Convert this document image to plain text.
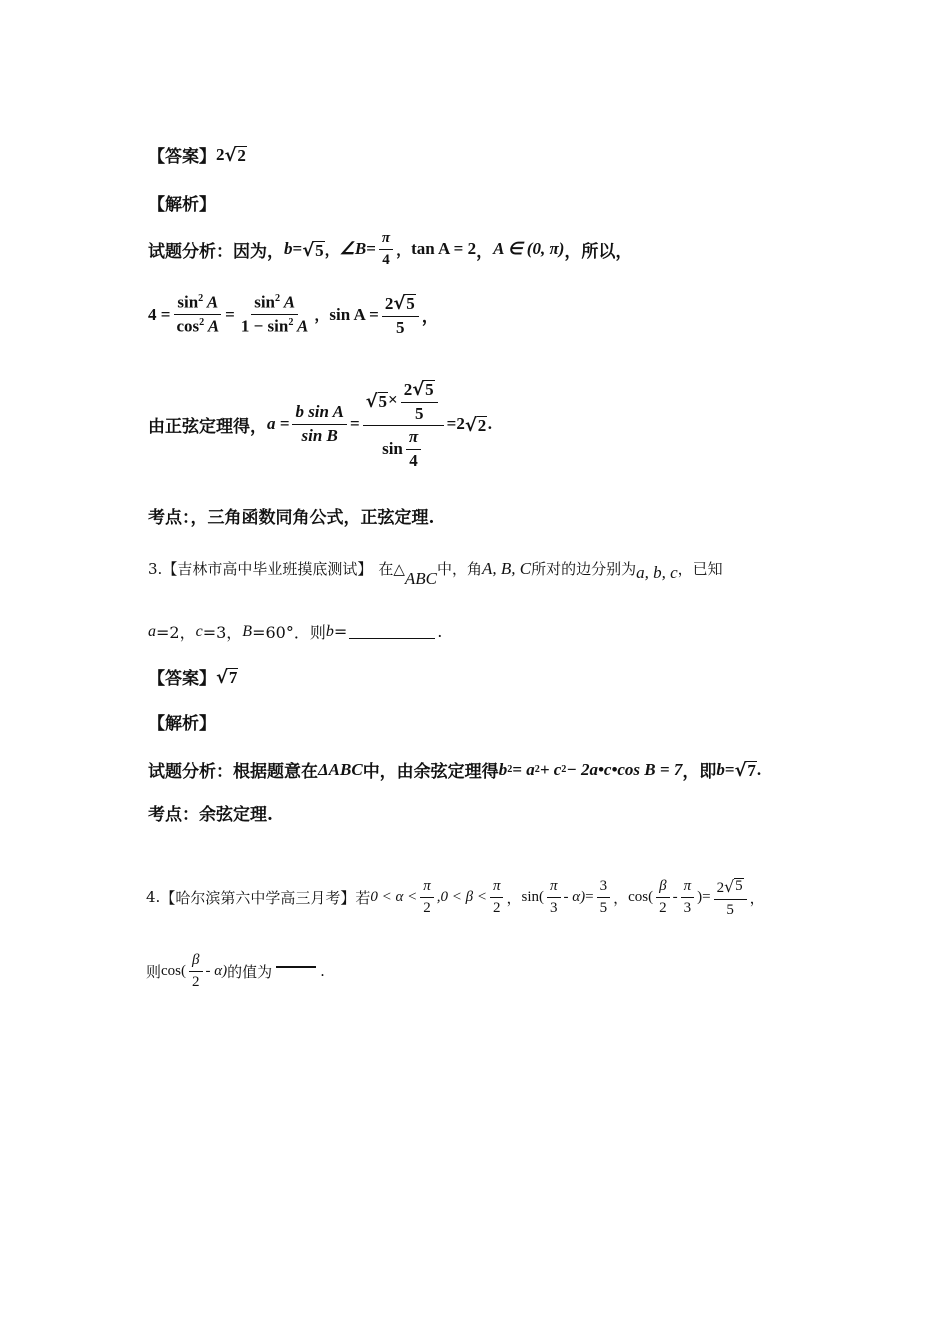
【答案】 2 √ 2
【解析】
试题分析：因为， b = √ 5 ， ∠B = $\frac{\pi}{4}$ ， tan A = 2 ， A ∈ (0, π) ，所以，
$4 = \frac{\sin^2 A}{\cos^2 A} = \frac{\sin^2 A}{1 - \sin^2 A}$ ， $\sin A = \frac{2 √ 5}{5}$ ，
由正弦定理得， $a = \frac{\text{b sin A}}{\text{sin B}} = \frac{√ 5 \times \frac{2 √ 5}{5}}{\sin \frac{\pi}{4}} = 2$ √ 2 .
考点：，三角函数同角公式，正弦定理.
3. 【吉林市高中毕业班摸底测试】 在△ ABC 中，角 A, B, C 所对的边分别为 a, b, c ，已知
a =2， c =3， B =60°．则 b =	.
【答案】 √ 7
【解析】
试题分析：根据题意在 ΔABC 中，由余弦定理得 b 2 = a 2 + c 2 − 2a•c•cos B = 7 ，即 b = √ 7 .
考点：余弦定理.
4. 【哈尔滨第六中学高三月考】 若 $0 < \alpha < \frac{\pi}{2} ,0 < \beta < \frac{\pi}{2}$ ， $\sin( \frac{\pi}{3} - \alpha) = \frac{3}{5}$ ， $\cos( \frac{\beta}{2} - \frac{\pi}{3}$ ) = $\frac{2 √ 5}{5}$ ，
则 $\cos( \frac{\beta}{2} - \alpha)$ 的值为	.
